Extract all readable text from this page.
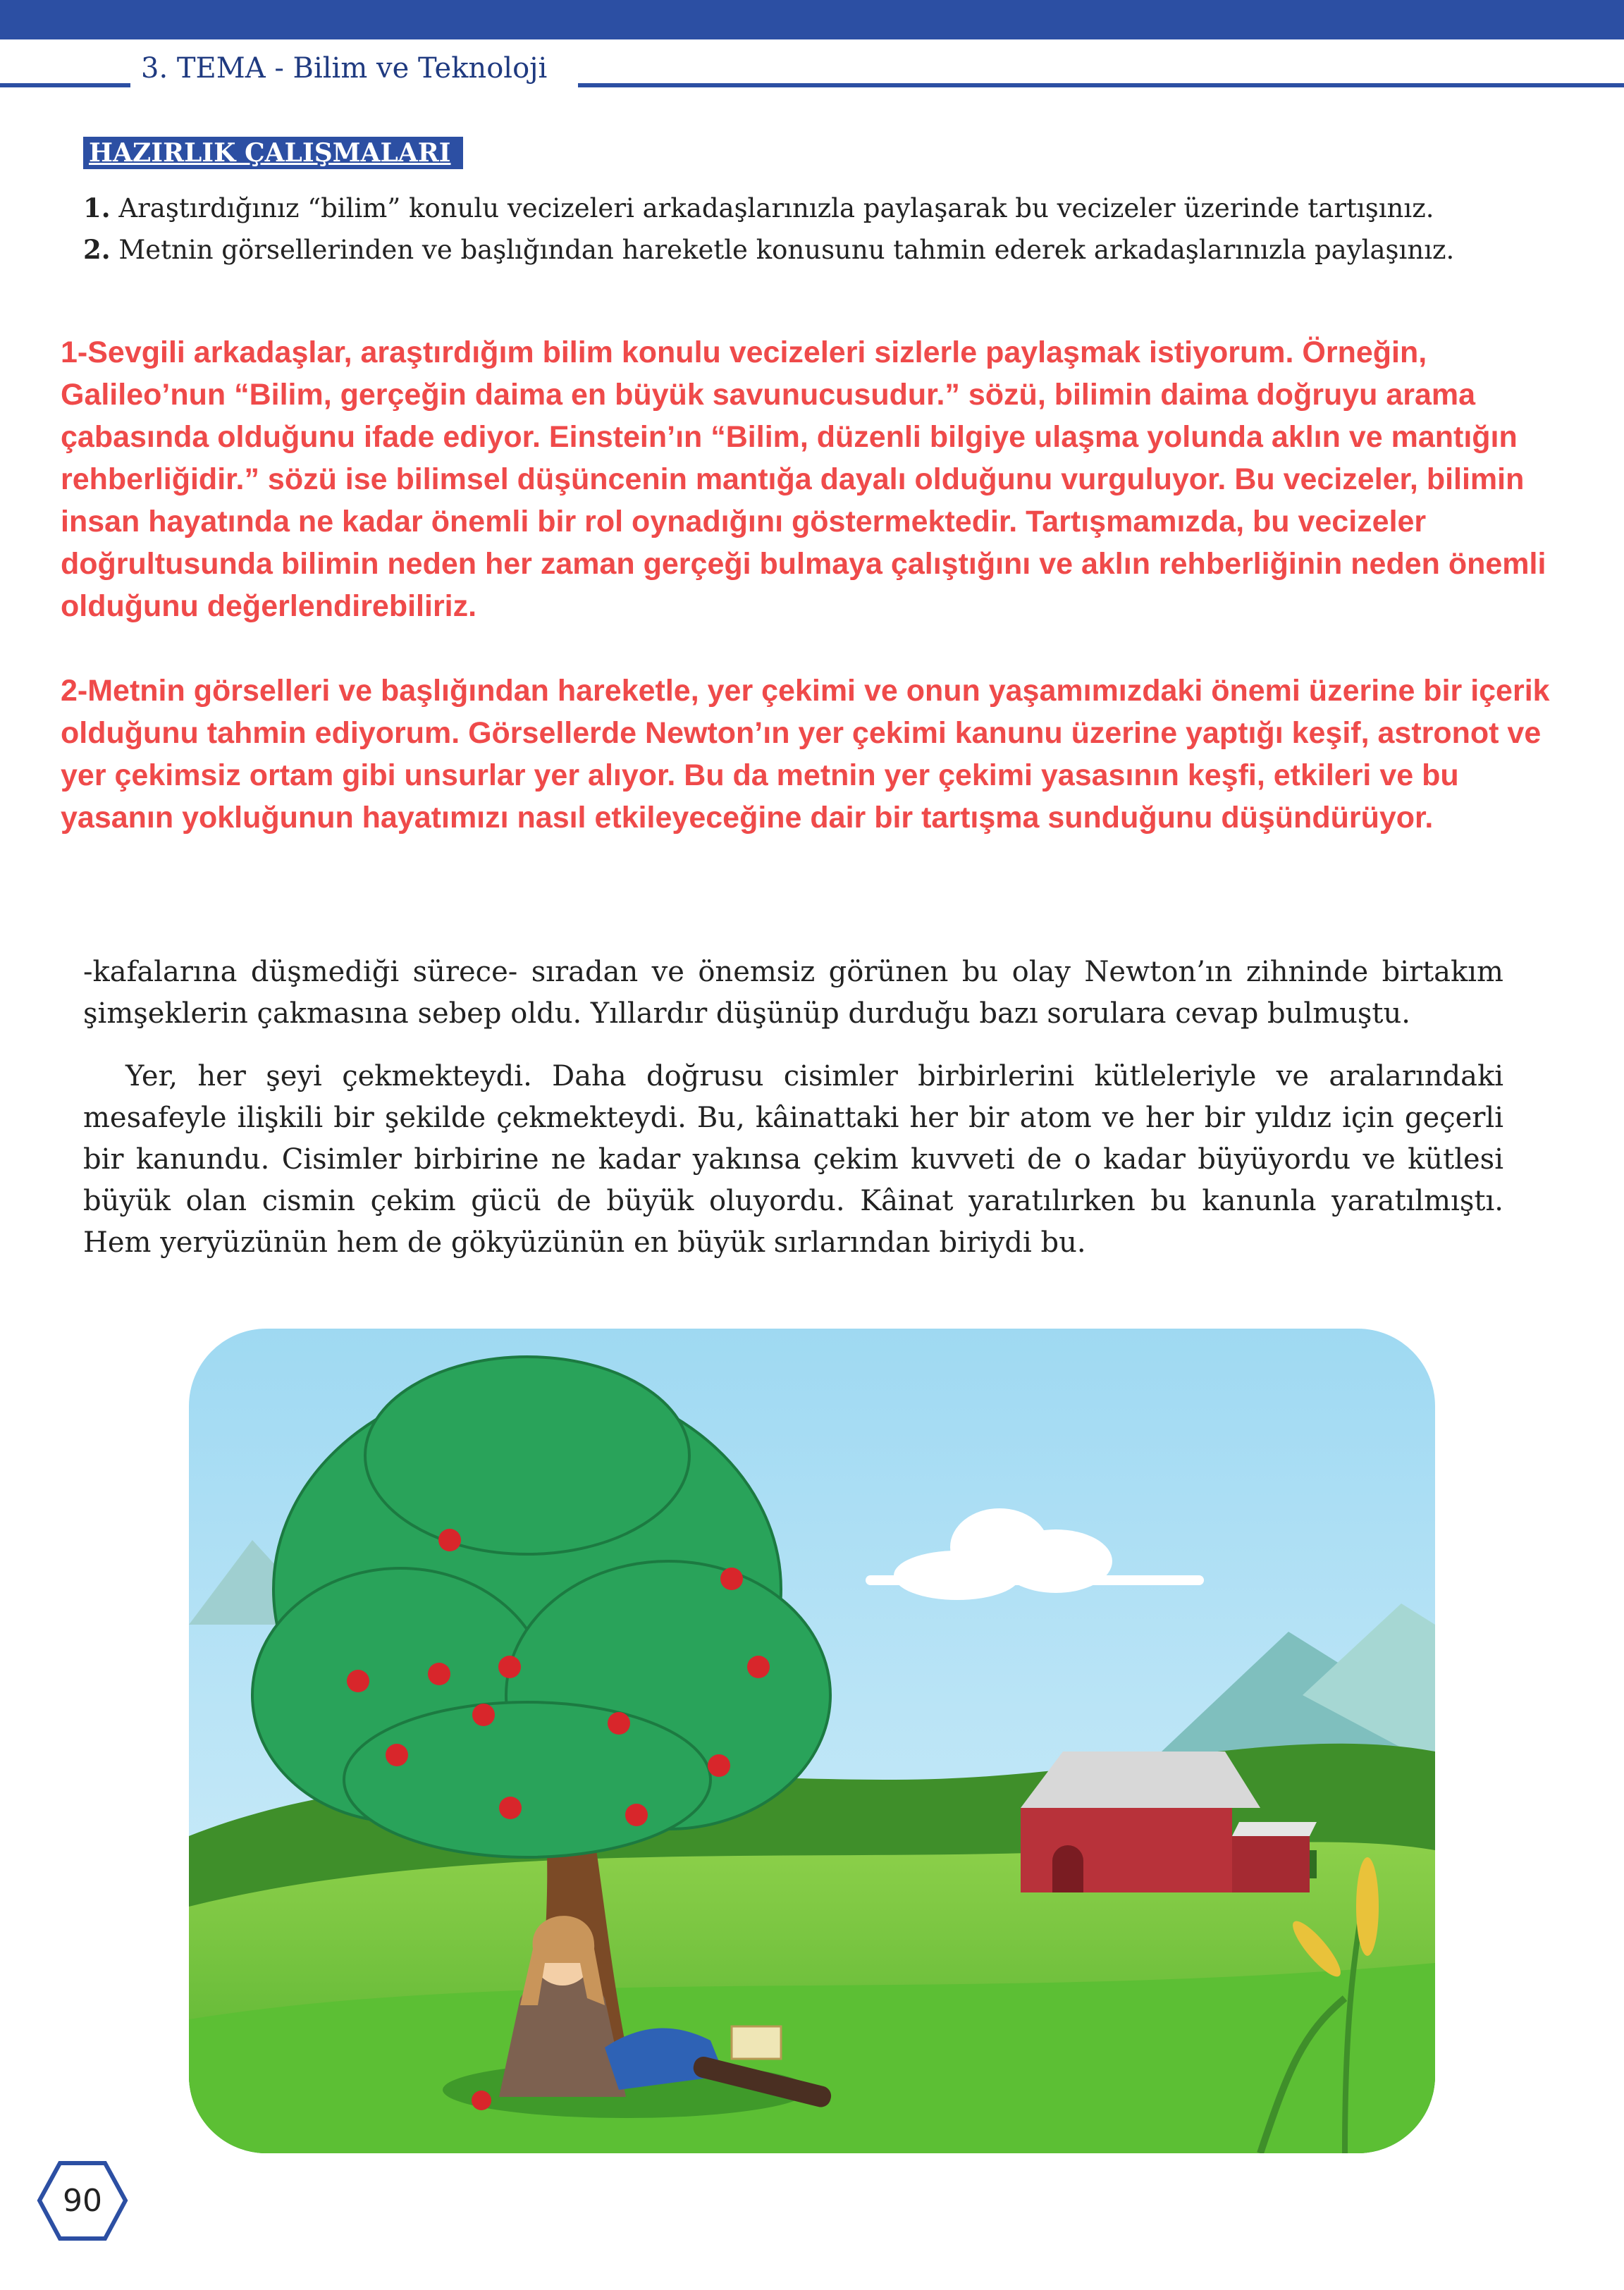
3. TEMA - Bilim ve Teknoloji
HAZIRLIK ÇALIŞMALARI
1. Araştırdığınız “bilim” konulu vecizeleri arkadaşlarınızla paylaşarak bu vecizeler üzerinde tartışınız.
2. Metnin görsellerinden ve başlığından hareketle konusunu tahmin ederek arkadaşlarınızla paylaşınız.

1-Sevgili arkadaşlar, araştırdığım bilim konulu vecizeleri sizlerle paylaşmak istiyorum. Örneğin, Galileo’nun “Bilim, gerçeğin daima en büyük savunucusudur.” sözü, bilimin daima doğruyu arama çabasında olduğunu ifade ediyor. Einstein’ın “Bilim, düzenli bilgiye ulaşma yolunda aklın ve mantığın rehberliğidir.” sözü ise bilimsel düşüncenin mantığa dayalı olduğunu vurguluyor. Bu vecizeler, bilimin insan hayatında ne kadar önemli bir rol oynadığını göstermektedir. Tartışmamızda, bu vecizeler doğrultusunda bilimin neden her zaman gerçeği bulmaya çalıştığını ve aklın rehberliğinin neden önemli olduğunu değerlendirebiliriz.

2-Metnin görselleri ve başlığından hareketle, yer çekimi ve onun yaşamımızdaki önemi üzerine bir içerik olduğunu tahmin ediyorum. Görsellerde Newton’ın yer çekimi kanunu üzerine yaptığı keşif, astronot ve yer çekimsiz ortam gibi unsurlar yer alıyor. Bu da metnin yer çekimi yasasının keşfi, etkileri ve bu yasanın yokluğunun hayatımızı nasıl etkileyeceğine dair bir tartışma sunduğunu düşündürüyor.

-kafalarına düşmediği sürece- sıradan ve önemsiz görünen bu olay Newton’ın zihninde birtakım şimşeklerin çakmasına sebep oldu. Yıllardır düşünüp durduğu bazı sorulara cevap bulmuştu.

Yer, her şeyi çekmekteydi. Daha doğrusu cisimler birbirlerini kütleleriyle ve aralarındaki mesafeyle ilişkili bir şekilde çekmekteydi. Bu, kâinattaki her bir atom ve her bir yıldız için geçerli bir kanundu. Cisimler birbirine ne kadar yakınsa çekim kuvveti de o kadar büyüyordu ve kütlesi büyük olan cismin çekim gücü de büyük oluyordu. Kâinat yaratılırken bu kanunla yaratılmıştı. Hem yeryüzünün hem de gökyüzünün en büyük sırlarından biriydi bu.

90
